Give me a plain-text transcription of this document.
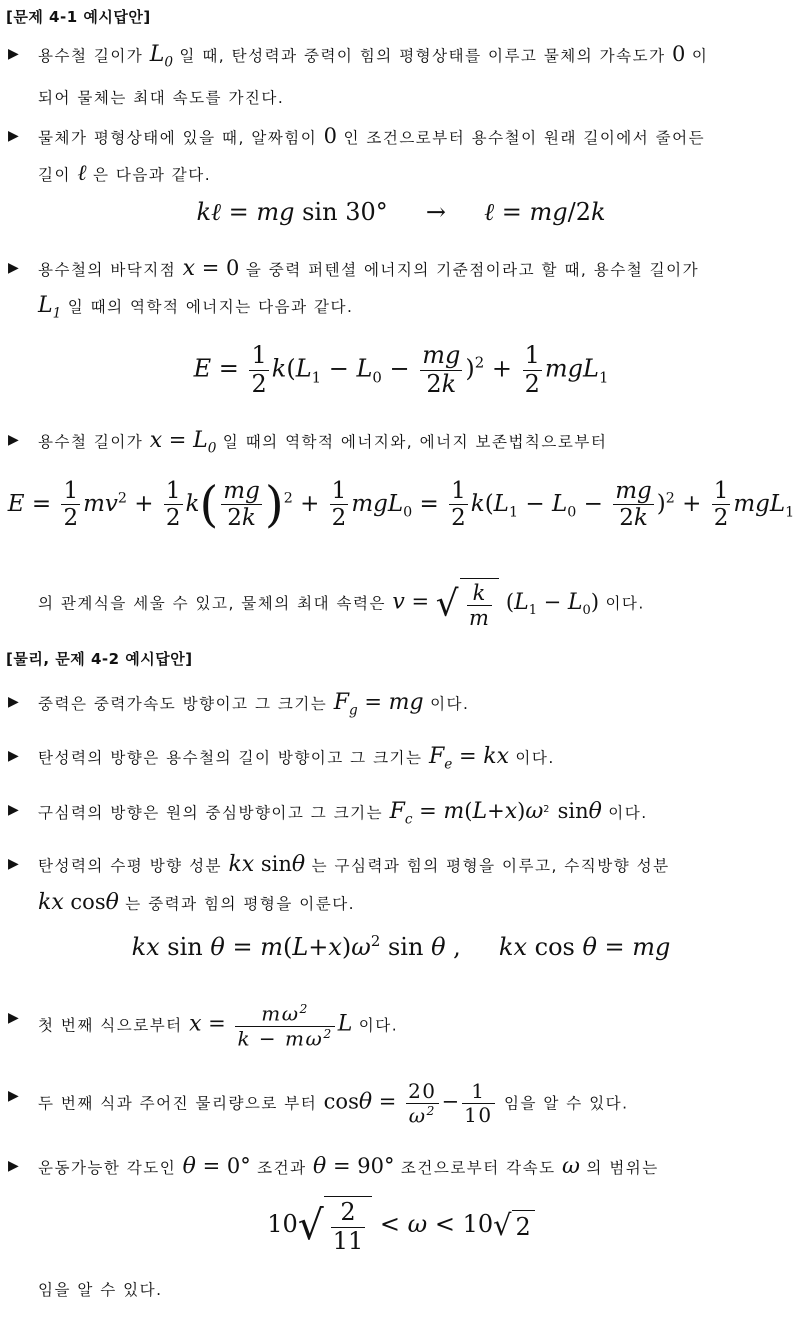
[문제 4-1 예시답안]
▶	용수철 길이가 $L_0$ 일 때, 탄성력과 중력이 힘의 평형상태를 이루고 물체의 가속도가 0 이
되어 물체는 최대 속도를 가진다.
▶	물체가 평형상태에 있을 때, 알짜힘이 0 인 조건으로부터 용수철이 원래 길이에서 줄어든
길이 ℓ 은 다음과 같다.
kℓ = mg sin 30°     →     ℓ = mg/2k
▶	용수철의 바닥지점 x = 0 을 중력 퍼텐셜 에너지의 기준점이라고 할 때, 용수철 길이가
$L_1$ 일 때의 역학적 에너지는 다음과 같다.
$E = \frac{1}{2} k(L_1 - L_0 - \frac{mg}{2k} )^2 + \frac{1}{2} mgL_1$
▶	용수철 길이가 $x = L_0$ 일 때의 역학적 에너지와, 에너지 보존법칙으로부터
$E = \frac{1}{2} mv^2 + \frac{1}{2} k( \frac{mg}{2k} )^2 + \frac{1}{2} mgL_0 = \frac{1}{2} k(L_1 - L_0 - \frac{mg}{2k} )^2 + \frac{1}{2} mgL_1$
의 관계식을 세울 수 있고, 물체의 최대 속력은 v = √ $\frac{k}{m} (L_1 - L_0)$ 이다.
[물리, 문제 4-2 예시답안]
▶	중력은 중력가속도 방향이고 그 크기는 $F_g$ = mg 이다.
▶	탄성력의 방향은 용수철의 길이 방향이고 그 크기는 $F_e$ = kx 이다.
▶	구심력의 방향은 원의 중심방향이고 그 크기는 $F_c = m(L+x)\omega^2$ sinθ 이다.
▶	탄성력의 수평 방향 성분 kx sinθ 는 구심력과 힘의 평형을 이루고, 수직방향 성분
kx cosθ 는 중력과 힘의 평형을 이룬다.
kx $\sin \theta = m(L+x)\omega^2$ sin θ ,     kx cos θ = mg
▶	첫 번째 식으로부터 $x = \frac{m\omega^2}{k - m\omega^2}$ L 이다.
▶	두 번째 식과 주어진 물리량으로 부터 $\cos\theta = \frac{20}{\omega^2} - \frac{1}{10}$ 임을 알 수 있다.
▶	운동가능한 각도인 θ = 0° 조건과 θ = 90° 조건으로부터 각속도 ω 의 범위는
$10√ \frac{2}{11} < \omega < 10√$ 2
임을 알 수 있다.
